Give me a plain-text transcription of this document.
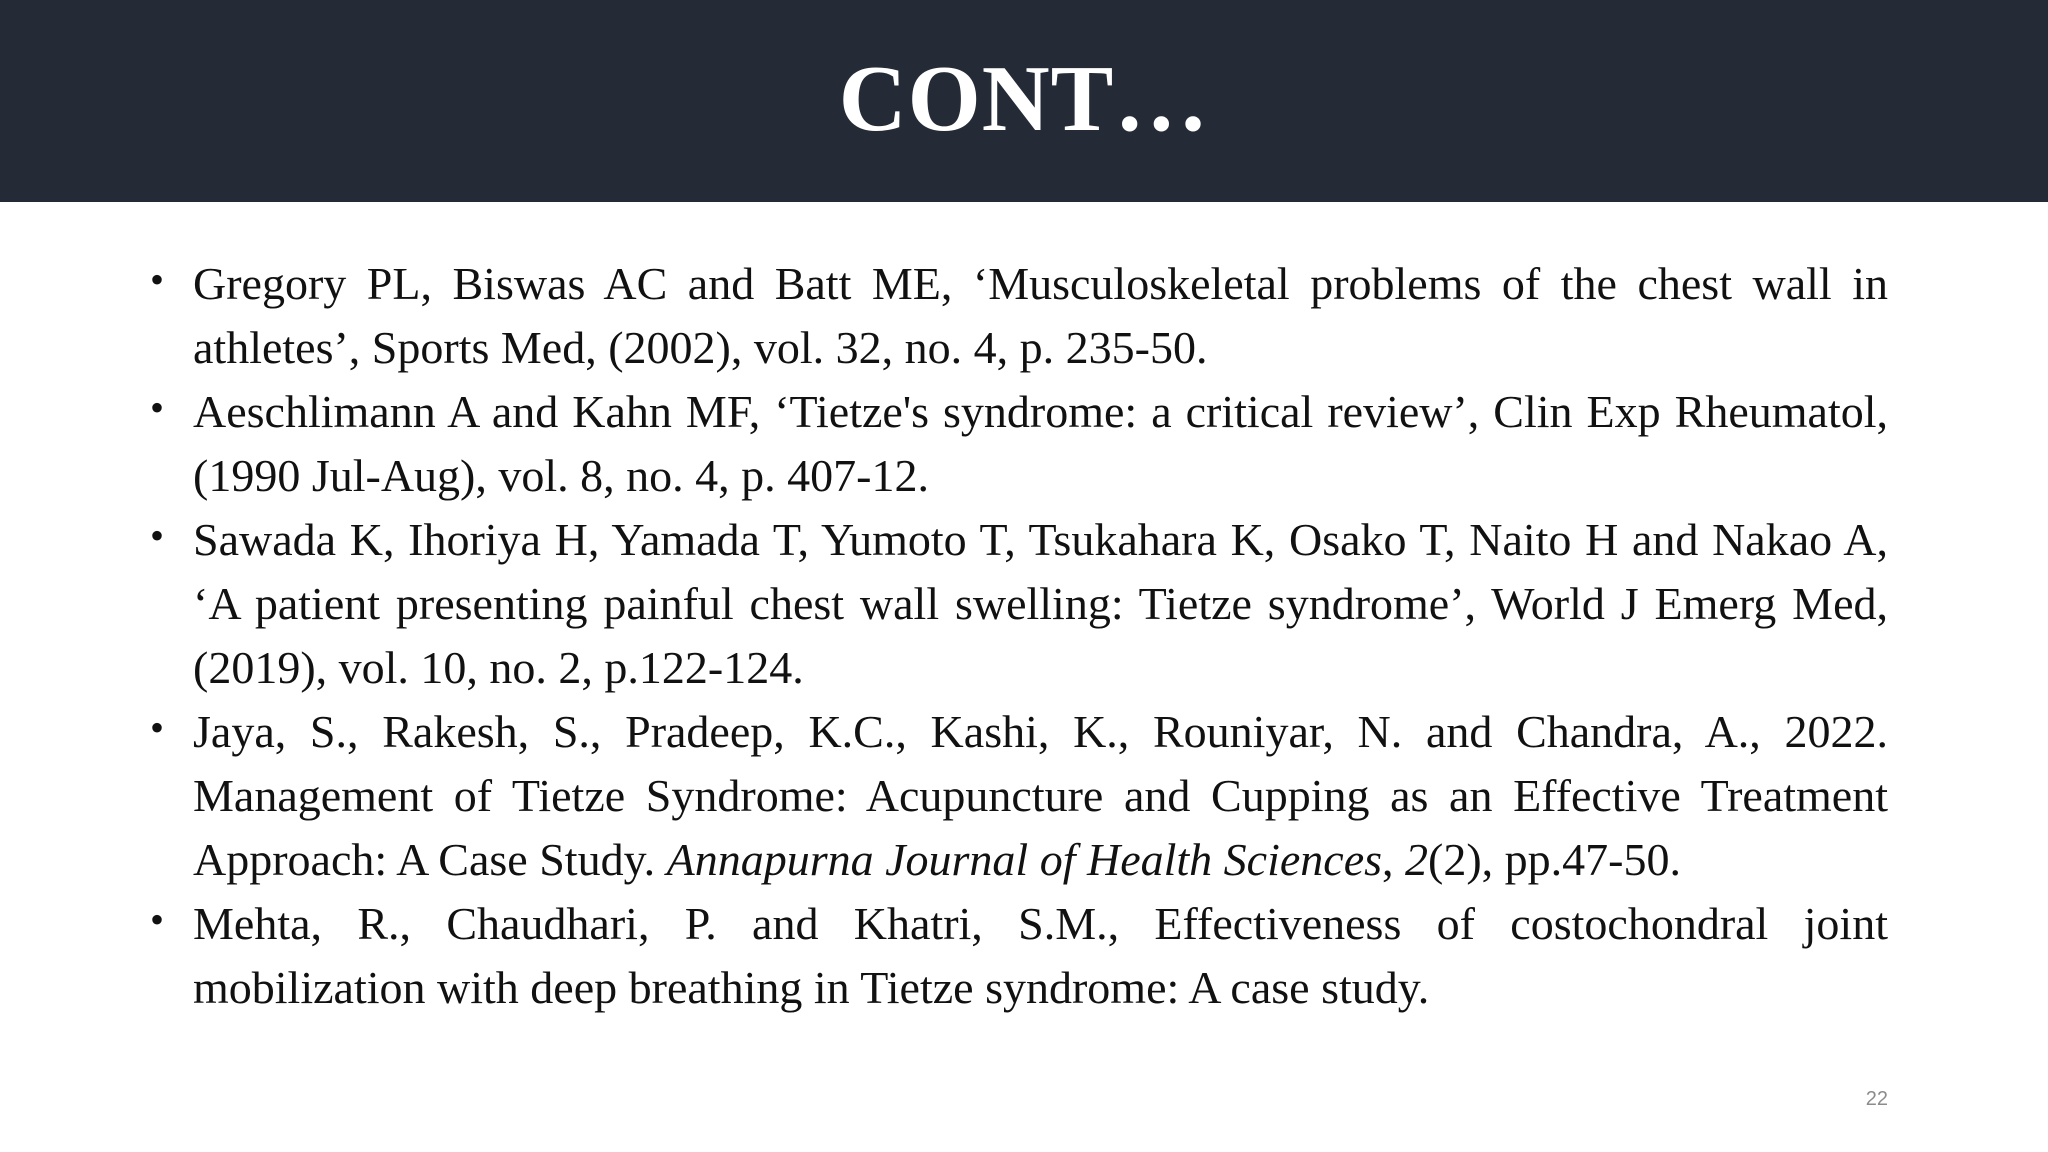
CONT…
• Gregory PL, Biswas AC and Batt ME, ‘Musculoskeletal problems of the chest wall in athletes’, Sports Med, (2002), vol. 32, no. 4, p. 235-50.
• Aeschlimann A and Kahn MF, ‘Tietze's syndrome: a critical review’, Clin Exp Rheumatol, (1990 Jul-Aug), vol. 8, no. 4, p. 407-12.
• Sawada K, Ihoriya H, Yamada T, Yumoto T, Tsukahara K, Osako T, Naito H and Nakao A, ‘A patient presenting painful chest wall swelling: Tietze syndrome’, World J Emerg Med, (2019), vol. 10, no. 2, p.122-124.
• Jaya, S., Rakesh, S., Pradeep, K.C., Kashi, K., Rouniyar, N. and Chandra, A., 2022. Management of Tietze Syndrome: Acupuncture and Cupping as an Effective Treatment Approach: A Case Study. Annapurna Journal of Health Sciences, 2(2), pp.47-50.
• Mehta, R., Chaudhari, P. and Khatri, S.M., Effectiveness of costochondral joint mobilization with deep breathing in Tietze syndrome: A case study.
22
